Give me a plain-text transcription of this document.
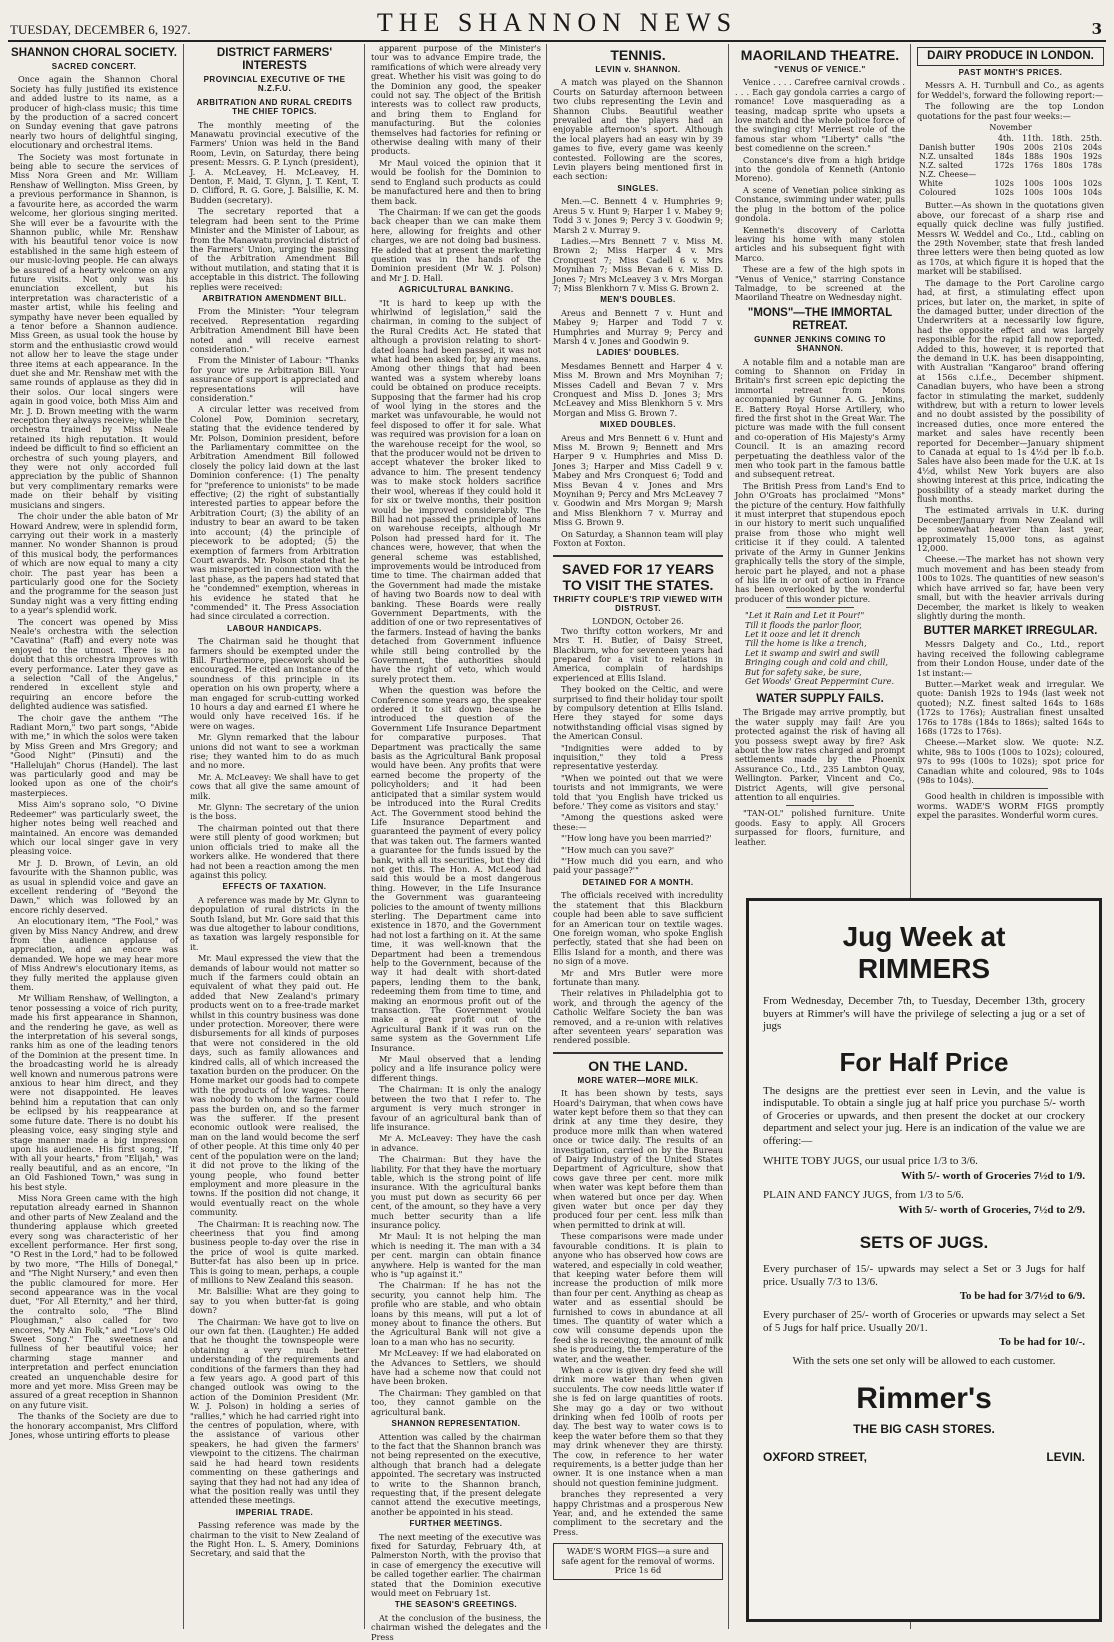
TUESDAY, DECEMBER 6, 1927.	THE SHANNON NEWS	3
SHANNON CHORAL SOCIETY.
SACRED CONCERT.
Once again the Shannon Choral Society has fully justified its existence and added lustre to its name, as a producer of high-class music; this time by the production of a sacred concert on Sunday evening that gave patrons nearly two hours of delightful singing, elocutionary and orchestral items.
The Society was most fortunate in being able to secure the services of Miss Nora Green and Mr. William Renshaw of Wellington. Miss Green, by a previous performance in Shannon, is a favourite here, as accorded the warm welcome, her glorious singing merited. She will ever be a favourite with the Shannon public, while Mr. Renshaw with his beautiful tenor voice is now established in the same high esteem of our music-loving people. He can always be assured of a hearty welcome on any future visits. Not only was his enunciation excellent, but his interpretation was characteristic of a master artist, while his feeling and sympathy have never been equalled by a tenor before a Shannon audience. Miss Green, as usual took the house by storm and the enthusiastic crowd would not allow her to leave the stage under three items at each appearance. In the duet she and Mr. Renshaw met with the same rounds of applause as they did in their solos. Our local singers were again in good voice, both Miss Aim and Mr. J. D. Brown meeting with the warm reception they always receive; while the orchestra trained by Miss Neale retained its high reputation. It would indeed be difficult to find so efficient an orchestra of such young players, and they were not only accorded full appreciation by the public of Shannon but very complimentary remarks were made on their behalf by visiting musicians and singers.
The choir under the able baton of Mr Howard Andrew, were in splendid form, carrying out their work in a masterly manner. No wonder Shannon is proud of this musical body, the performances of which are now equal to many a city choir. The past year has been a particularly good one for the Society and the programme for the season just Sunday night was a very fitting ending to a year's splendid work.
The concert was opened by Miss Neale's orchestra with the selection "Cavatina" (Raff) and every note was enjoyed to the utmost. There is no doubt that this orchestra improves with every performance. Later they gave as a selection "Call of the Angelus," rendered in excellent style and requiring an encore before the delighted audience was satisfied.
The choir gave the anthem "The Radiant Morn," two part songs, "Abide with me," in which the solos were taken by Miss Green and Mrs Gregory; and "Good Night" (Pinsuti) and the "Hallelujah" Chorus (Handel). The last was particularly good and may be looked upon as one of the choir's masterpieces.
Miss Aim's soprano solo, "O Divine Redeemer" was particularly sweet, the higher notes being well reached and maintained. An encore was demanded which our local singer gave in very pleasing voice.
Mr J. D. Brown, of Levin, an old favourite with the Shannon public, was as usual in splendid voice and gave an excellent rendering of "Beyond the Dawn," which was followed by an encore richly deserved.
An elocutionary item, "The Fool," was given by Miss Nancy Andrew, and drew from the audience applause of appreciation, and an encore was demanded. We hope we may hear more of Miss Andrew's elocutionary items, as they fully merited the applause given them.
Mr William Renshaw, of Wellington, a tenor possessing a voice of rich purity, made his first appearance in Shannon, and the rendering he gave, as well as the interpretation of his several songs, ranks him as one of the leading tenors of the Dominion at the present time. In the broadcasting world he is already well known and numerous patrons were anxious to hear him direct, and they were not disappointed. He leaves behind him a reputation that can only be eclipsed by his reappearance at some future date. There is no doubt his pleasing voice, easy singing style and stage manner made a big impression upon his audience. His first song, "If with all your hearts," from "Elijah," was really beautiful, and as an encore, "In an Old Fashioned Town," was sung in his best style.
Miss Nora Green came with the high reputation already earned in Shannon and other parts of New Zealand and the thundering applause which greeted every song was characteristic of her excellent performance. Her first song, "O Rest in the Lord," had to be followed by two more, "The Hills of Donegal," and "The Night Nursery," and even then the public clamoured for more. Her second appearance was in the vocal duet, "For All Eternity," and her third, the contralto solo, "The Blind Ploughman," also called for two encores, "My Ain Folk," and "Love's Old Sweet Song." The sweetness and fullness of her beautiful voice; her charming stage manner and interpretation and perfect enunciation created an unquenchable desire for more and yet more. Miss Green may be assured of a great reception in Shannon on any future visit.
The thanks of the Society are due to the honorary accompanist, Mrs Clifford Jones, whose untiring efforts to please
DISTRICT FARMERS' INTERESTS
PROVINCIAL EXECUTIVE OF THE N.Z.F.U.
ARBITRATION AND RURAL CREDITS THE CHIEF TOPICS.
The monthly meeting of the Manawatu provincial executive of the Farmers' Union was held in the Band Room, Levin, on Saturday, there being present: Messrs. G. P. Lynch (president), J. A. McLeavey, H. McLeavey, H. Denton, F. Maid, T. Glynn, J. T. Kent, T. D. Clifford, R. G. Gore, J. Balsillie, K. M. Budden (secretary).
The secretary reported that a telegram had been sent to the Prime Minister and the Minister of Labour, as from the Manawatu provincial district of the Farmers' Union, urging the passing of the Arbitration Amendment Bill without mutilation, and stating that it is acceptable in this district. The following replies were received:
ARBITRATION AMENDMENT BILL.
From the Minister: "Your telegram received. Representation regarding Arbitration Amendment Bill have been noted and will receive earnest consideration."
From the Minister of Labour: "Thanks for your wire re Arbitration Bill. Your assurance of support is appreciated and representations will have consideration."
A circular letter was received from Colonel Pow, Dominion secretary, stating that the evidence tendered by Mr. Polson, Dominion president, before the Parliamentary committee on the Arbitration Amendment Bill followed closely the policy laid down at the last Dominion conference: (1) The penalty for "preference to unionists" to be made effective; (2) the right of substantially interested parties to appear before the Arbitration Court; (3) the ability of an industry to bear an award to be taken into account; (4) the principle of piecework to be adopted; (5) the exemption of farmers from Arbitration Court awards. Mr. Polson stated that he was misreported in connection with the last phase, as the papers had stated that he "condemned" exemption, whereas in his evidence he stated that he "commended" it. The Press Association had since circulated a correction.
LABOUR HANDICAPS.
The Chairman said he thought that farmers should be exempted under the Bill. Furthermore, piecework should be encouraged. He cited an instance of the soundness of this principle in its operation on his own property, where a man engaged for scrub-cutting worked 10 hours a day and earned £1 where he would only have received 16s. if he were on wages.
Mr. Glynn remarked that the labour unions did not want to see a workman rise; they wanted him to do as much and no more.
Mr. A. McLeavey: We shall have to get cows that all give the same amount of milk.
Mr. Glynn: The secretary of the union is the boss.
The chairman pointed out that there were still plenty of good workmen; but union officials tried to make all the workers alike. He wondered that there had not been a reaction among the men against this policy.
EFFECTS OF TAXATION.
A reference was made by Mr. Glynn to depopulation of rural districts in the South Island, but Mr. Gore said that this was due altogether to labour conditions, as taxation was largely responsible for it.
Mr. Maul expressed the view that the demands of labour would not matter so much if the farmers could obtain an equivalent of what they paid out. He added that New Zealand's primary products went on to a free-trade market whilst in this country business was done under protection. Moreover, there were disbursements for all kinds of purposes that were not considered in the old days, such as family allowances and kindred calls, all of which increased the taxation burden on the producer. On the Home market our goods had to compete with the products of low wages. There was nobody to whom the farmer could pass the burden on, and so the farmer was the sufferer. If the present economic outlook were realised, the man on the land would become the serf of other people. At this time only 40 per cent of the population were on the land; it did not prove to the liking of the young people, who found better employment and more pleasure in the towns. If the position did not change, it would eventually react on the whole community.
The Chairman: It is reaching now. The cheeriness that you find among business people to-day over the rise in the price of wool is quite marked. Butter-fat has also been up in price. This is going to mean, perhaps, a couple of millions to New Zealand this season.
Mr. Balsillie: What are they going to say to you when butter-fat is going down?
The Chairman: We have got to live on our own fat then. (Laughter.) He added that he thought the townspeople were obtaining a very much better understanding of the requirements and conditions of the farmers than they had a few years ago. A good part of this changed outlook was owing to the action of the Dominion President (Mr. W. J. Polson) in holding a series of "rallies," which he had carried right into the centres of population, where, with the assistance of various other speakers, he had given the farmers' viewpoint to the citizens. The chairman said he had heard town residents commenting on these gatherings and saying that they had not had any idea of what the position really was until they attended these meetings.
IMPERIAL TRADE.
Passing reference was made by the chairman to the visit to New Zealand of the Right Hon. L. S. Amery, Dominions Secretary, and said that the
apparent purpose of the Minister's tour was to advance Empire trade, the ramifications of which were already very great. Whether his visit was going to do the Dominion any good, the speaker could not say. The object of the British interests was to collect raw products, and bring them to England for manufacturing. But the colonies themselves had factories for refining or otherwise dealing with many of their products.
Mr Maul voiced the opinion that it would be foolish for the Dominion to send to England such products as could be manufactured here and then to bring them back.
The Chairman: If we can get the goods back cheaper than we can make them here, allowing for freights and other charges, we are not doing bad business. He added that at present the marketing question was in the hands of the Dominion president (Mr W. J. Polson) and Mr J. D. Hall.
AGRICULTURAL BANKING.
"It is hard to keep up with the whirlwind of legislation," said the chairman, in coming to the subject of the Rural Credits Act. He stated that although a provision relating to short-dated loans had been passed, it was not what had been asked for, by any means. Among other things that had been wanted was a system whereby loans could be obtained on produce receipts. Supposing that the farmer had his crop of wool lying in the stores and the market was unfavourable, he would not feel disposed to offer it for sale. What was required was provision for a loan on the warehouse receipt for the wool, so that the producer would not be driven to accept whatever the broker liked to advance to him. The present tendency was to make stock holders sacrifice their wool, whereas if they could hold it for six or twelve months, their position would be improved considerably. The Bill had not passed the principle of loans on warehouse receipts, although Mr Polson had pressed hard for it. The chances were, however, that when the general scheme was established, improvements would be introduced from time to time. The chairman added that the Government had made the mistake of having two Boards now to deal with banking. These Boards were really Government Departments, with the addition of one or two representatives of the farmers. Instead of having the banks detached from Government influence while still being controlled by the Government, the authorities should have the right of veto, which would surely protect them.
When the question was before the Conference some years ago, the speaker ordered it to sit down because he introduced the question of the Government Life Insurance Department for comparative purposes. That Department was practically the same basis as the Agricultural Bank proposal would have been. Any profits that were earned become the property of the policyholders; and it had been anticipated that a similar system would be introduced into the Rural Credits Act. The Government stood behind the Life Insurance Department and guaranteed the payment of every policy that was taken out. The farmers wanted a guarantee for the funds issued by the bank, with all its securities, but they did not get this. The Hon. A. McLeod had said this would be a most dangerous thing. However, in the Life Insurance the Government was guaranteeing policies to the amount of twenty millions sterling. The Department came into existence in 1870, and the Government had not lost a farthing on it. At the same time, it was well-known that the Department had been a tremendous help to the Government, because of the way it had dealt with short-dated papers, lending them to the bank, redeeming them from time to time, and making an enormous profit out of the transaction. The Government would make a great profit out of the Agricultural Bank if it was run on the same system as the Government Life Insurance.
Mr Maul observed that a lending policy and a life insurance policy were different things.
The Chairman: It is only the analogy between the two that I refer to. The argument is very much stronger in favour of an agricultural bank than of life insurance.
Mr A. McLeavey: They have the cash in advance.
The Chairman: But they have the liability. For that they have the mortuary table, which is the strong point of life insurance. With the agricultural banks you must put down as security 66 per cent, of the amount, so they have a very much better security than a life insurance policy.
Mr Maul: It is not helping the man which is needing it. The man with a 34 per cent. margin can obtain finance anywhere. Help is wanted for the man who is "up against it."
The Chairman: If he has not the security, you cannot help him. The profile who are stable, and who obtain loans by this means, will put a lot of money about to finance the others. But the Agricultural Bank will not give a loan to a man who has no security.
Mr McLeavey: If we had elaborated on the Advances to Settlers, we should have had a scheme now that could not have been broken.
The Chairman: They gambled on that too, they cannot gamble on the agricultural bank.
SHANNON REPRESENTATION.
Attention was called by the chairman to the fact that the Shannon branch was not being represented on the executive, although that branch had a delegate appointed. The secretary was instructed to write to the Shannon branch, requesting that, if the present delegate cannot attend the executive meetings, another be appointed in his stead.
FURTHER MEETINGS.
The next meeting of the executive was fixed for Saturday, February 4th, at Palmerston North, with the proviso that in case of emergency the executive will be called together earlier. The chairman stated that the Dominion executive would meet on February 1st.
THE SEASON'S GREETINGS.
At the conclusion of the business, the chairman wished the delegates and the Press
TENNIS.
LEVIN v. SHANNON.
A match was played on the Shannon Courts on Saturday afternoon between two clubs representing the Levin and Shannon Clubs. Beautiful weather prevailed and the players had an enjoyable afternoon's sport. Although the local players had an easy win by 39 games to five, every game was keenly contested. Following are the scores, Levin players being mentioned first in each section:
SINGLES.
Men.—C. Bennett 4 v. Humphries 9; Areus 5 v. Hunt 9; Harper 1 v. Mabey 9; Todd 3 v. Jones 9; Percy 3 v. Goodwin 9; Marsh 2 v. Murray 9.
Ladies.—Mrs Bennett 7 v. Miss M. Brown 2; Miss Harper 4 v. Mrs Cronquest 7; Miss Cadell 6 v. Mrs Moynihan 7; Miss Bevan 6 v. Miss D. Jones 7; Mrs McLeavey 3 v. Mrs Morgan 7; Miss Blenkhorn 7 v. Miss G. Brown 2.
MEN'S DOUBLES.
Areus and Bennett 7 v. Hunt and Mabey 9; Harper and Todd 7 v. Humphries and Murray 9; Percy and Marsh 4 v. Jones and Goodwin 9.
LADIES' DOUBLES.
Mesdames Bennett and Harper 4 v. Miss M. Brown and Mrs Moynihan 7; Misses Cadell and Bevan 7 v. Mrs Cronquest and Miss D. Jones 3; Mrs McLeavey and Miss Blenkhorn 5 v. Mrs Morgan and Miss G. Brown 7.
MIXED DOUBLES.
Areus and Mrs Bennett 6 v. Hunt and Miss M. Brown 9; Bennett and Mrs Harper 9 v. Humphries and Miss D. Jones 3; Harper and Miss Cadell 9 v. Mabey and Mrs Cronquest 6; Todd and Miss Bevan 4 v. Jones and Mrs Moynihan 9; Percy and Mrs McLeavey 7 v. Goodwin and Mrs Morgan 9; Marsh and Miss Blenkhorn 7 v. Murray and Miss G. Brown 9.
On Saturday, a Shannon team will play Foxton at Foxton.
SAVED FOR 17 YEARS TO VISIT THE STATES.
THRIFTY COUPLE'S TRIP VIEWED WITH DISTRUST.
LONDON, October 26.
Two thrifty cotton workers, Mr and Mrs T. H. Butler, of Daisy Street, Blackburn, who for seventeen years had prepared for a visit to relations in America, complain of hardships experienced at Ellis Island.
They booked on the Celtic, and were surprised to find their holiday tour spoilt by compulsory detention at Ellis Island. Here they stayed for some days notwithstanding official visas signed by the American Consul.
"Indignities were added to by inquisition," they told a Press representative yesterday.
"When we pointed out that we were tourists and not immigrants, we were told that 'you English have tricked us before.' They come as visitors and stay.'
"Among the questions asked were these:—
"'How long have you been married?'
"'How much can you save?'
"'How much did you earn, and who paid your passage?'"
DETAINED FOR A MONTH.
The officials received with incredulity the statement that this Blackburn couple had been able to save sufficient for an American tour on textile wages. One foreign woman, who spoke English perfectly, stated that she had been on Ellis Island for a month, and there was no sign of a move.
Mr and Mrs Butler were more fortunate than many.
Their relatives in Philadelphia got to work, and through the agency of the Catholic Welfare Society the ban was removed, and a re-union with relatives after seventeen years' separation was rendered possible.
ON THE LAND.
MORE WATER—MORE MILK.
It has been shown by tests, says Hoard's Dairyman, that when cows have water kept before them so that they can drink at any time they desire, they produce more milk than when watered once or twice daily. The results of an investigation, carried on by the Bureau of Dairy Industry of the United States Department of Agriculture, show that cows gave three per cent. more milk when water was kept before them than when watered but once per day. When given water but once per day they produced four per cent. less milk than when permitted to drink at will.
These comparisons were made under favourable conditions. It is plain to anyone who has observed how cows are watered, and especially in cold weather, that keeping water before them will increase the production of milk more than four per cent. Anything as cheap as water and as essential should be furnished to cows in abundance at all times. The quantity of water which a cow will consume depends upon the feed she is receiving, the amount of milk she is producing, the temperature of the water, and the weather.
When a cow is given dry feed she will drink more water than when given succulents. The cow needs little water if she is fed on large quantities of roots. She may go a day or two without drinking when fed 100lb of roots per day. The best way to water cows is to keep the water before them so that they may drink whenever they are thirsty. The cow, in reference to her water requirements, is a better judge than her owner. It is one instance when a man should not question feminine judgment.
branches they represented a very happy Christmas and a prosperous New Year, and, and he extended the same compliment to the secretary and the Press.
WADE'S WORM FIGS—a sure and safe agent for the removal of worms. Price 1s 6d
MAORILAND THEATRE.
"VENUS OF VENICE."
Venice . . . . Carefree carnival crowds . . . . Each gay gondola carries a cargo of romance! Love masquerading as a teasing, madcap sprite who upsets a love match and the whole police force of the swinging city! Merriest role of the famous star whom "Liberty" calls "the best comedienne on the screen."
Constance's dive from a high bridge into the gondola of Kenneth (Antonio Moreno).
A scene of Venetian police sinking as Constance, swimming under water, pulls the plug in the bottom of the police gondola.
Kenneth's discovery of Carlotta leaving his home with many stolen articles and his subsequent fight with Marco.
These are a few of the high spots in "Venus of Venice," starring Constance Talmadge, to be screened at the Maoriland Theatre on Wednesday night.
"MONS"—THE IMMORTAL RETREAT.
GUNNER JENKINS COMING TO SHANNON.
A notable film and a notable man are coming to Shannon on Friday in Britain's first screen epic depicting the immortal retreat from Mons accompanied by Gunner A. G. Jenkins, E. Battery Royal Horse Artillery, who fired the first shot in the Great War. The picture was made with the full consent and co-operation of His Majesty's Army Council. It is an amazing record perpetuating the deathless valor of the men who took part in the famous battle and subsequent retreat.
The British Press from Land's End to John O'Groats has proclaimed "Mons" the picture of the century. How faithfully it must interpret that stupendous epoch in our history to merit such unqualified praise from those who might well criticise it if they could. A talented private of the Army in Gunner Jenkins graphically tells the story of the simple, heroic part he played, and not a phase of his life in or out of action in France has been overlooked by the wonderful producer of this wonder picture.
"Let it Rain and Let it Pour!"
Till it floods the parlor floor,
Let it ooze and let it drench
Till the home is like a trench,
Let it swamp and swirl and swill
Bringing cough and cold and chill,
But for safety sake, be sure,
Get Woods' Great Peppermint Cure.
WATER SUPPLY FAILS.
The Brigade may arrive promptly, but the water supply may fail! Are you protected against the risk of having all you possess swept away by fire? Ask about the low rates charged and prompt settlements made by the Phoenix Assurance Co., Ltd., 235 Lambton Quay, Wellington. Parker, Vincent and Co., District Agents, will give personal attention to all enquiries.
"TAN-OL" polished furniture. Unite goods. Easy to apply. All Grocers surpassed for floors, furniture, and leather.
DAIRY PRODUCE IN LONDON.
PAST MONTH'S PRICES.
Messrs A. H. Turnbull and Co., as agents for Weddel's, forward the following report:—
The following are the top London quotations for the past four weeks:—
November
	4th.	11th.	18th.	25th.
Danish butter	190s	200s	210s	204s
N.Z. unsalted	184s	188s	190s	192s
N.Z. salted	172s	176s	180s	178s
N.Z. Cheese—				
White	102s	100s	100s	102s
Coloured	102s	100s	100s	104s
Butter.—As shown in the quotations given above, our forecast of a sharp rise and equally quick decline was fully justified. Messrs W. Weddel and Co., Ltd., cabling on the 29th November, state that fresh landed three letters were then being quoted as low as 170s, at which figure it is hoped that the market will be stabilised.
The damage to the Port Caroline cargo had, at first, a stimulating effect upon prices, but later on, the market, in spite of the damaged butter, under direction of the Underwriters at a necessarily low figure, had the opposite effect and was largely responsible for the rapid fall now reported. Added to this, however, it is reported that the demand in U.K. has been disappointing, with Australian "Kangaroo" brand offering at 156s c.i.f.e., December shipment. Canadian buyers, who have been a strong factor in stimulating the market, suddenly withdrew, but with a return to lower levels and no doubt assisted by the possibility of increased duties, once more entered the market and sales have recently been reported for December—January shipment to Canada at equal to 1s 4½d per lb f.o.b. Sales have also been made for the U.K. at 1s 4½d, whilst New York buyers are also showing interest at this price, indicating the possibility of a steady market during the flush months.
The estimated arrivals in U.K. during December/January from New Zealand will be somewhat heavier than last year, approximately 15,000 tons, as against 12,000.
Cheese.—The market has not shown very much movement and has been steady from 100s to 102s. The quantities of new season's which have arrived so far, have been very small, but with the heavier arrivals during December, the market is likely to weaken slightly during the month.
BUTTER MARKET IRREGULAR.
Messrs Dalgety and Co., Ltd., report having received the following cablegrame from their London House, under date of the 1st instant:—
Butter.—Market weak and irregular. We quote: Danish 192s to 194s (last week not quoted); N.Z. finest salted 164s to 168s (172s to 176s); Australian finest unsalted 176s to 178s (184s to 186s); salted 164s to 168s (172s to 176s).
Cheese.—Market slow. We quote: N.Z. white, 98s to 100s (100s to 102s); coloured, 97s to 99s (100s to 102s); spot price for Canadian white and coloured, 98s to 104s (98s to 104s).
Good health in children is impossible with worms. WADE'S WORM FIGS promptly expel the parasites. Wonderful worm cures.
Jug Week at
RIMMERS
From Wednesday, December 7th, to Tuesday, December 13th, grocery buyers at Rimmer's will have the privilege of selecting a jug or a set of jugs
For Half Price
The designs are the prettiest ever seen in Levin, and the value is indisputable. To obtain a single jug at half price you purchase 5/- worth of Groceries or upwards, and then present the docket at our crockery department and select your jug. Here is an indication of the value we are offering:—
WHITE TOBY JUGS, our usual price 1/3 to 3/6.
With 5/- worth of Groceries 7½d to 1/9.
PLAIN AND FANCY JUGS, from 1/3 to 5/6.
With 5/- worth of Groceries, 7½d to 2/9.
SETS OF JUGS.
Every purchaser of 15/- upwards may select a Set or 3 Jugs for half price. Usually 7/3 to 13/6.
To be had for 3/7½d to 6/9.
Every purchaser of 25/- worth of Groceries or upwards may select a Set of 5 Jugs for half price. Usually 20/1.
To be had for 10/-.
With the sets one set only will be allowed to each customer.
Rimmer's
THE BIG CASH STORES.
OXFORD STREET,	LEVIN.
